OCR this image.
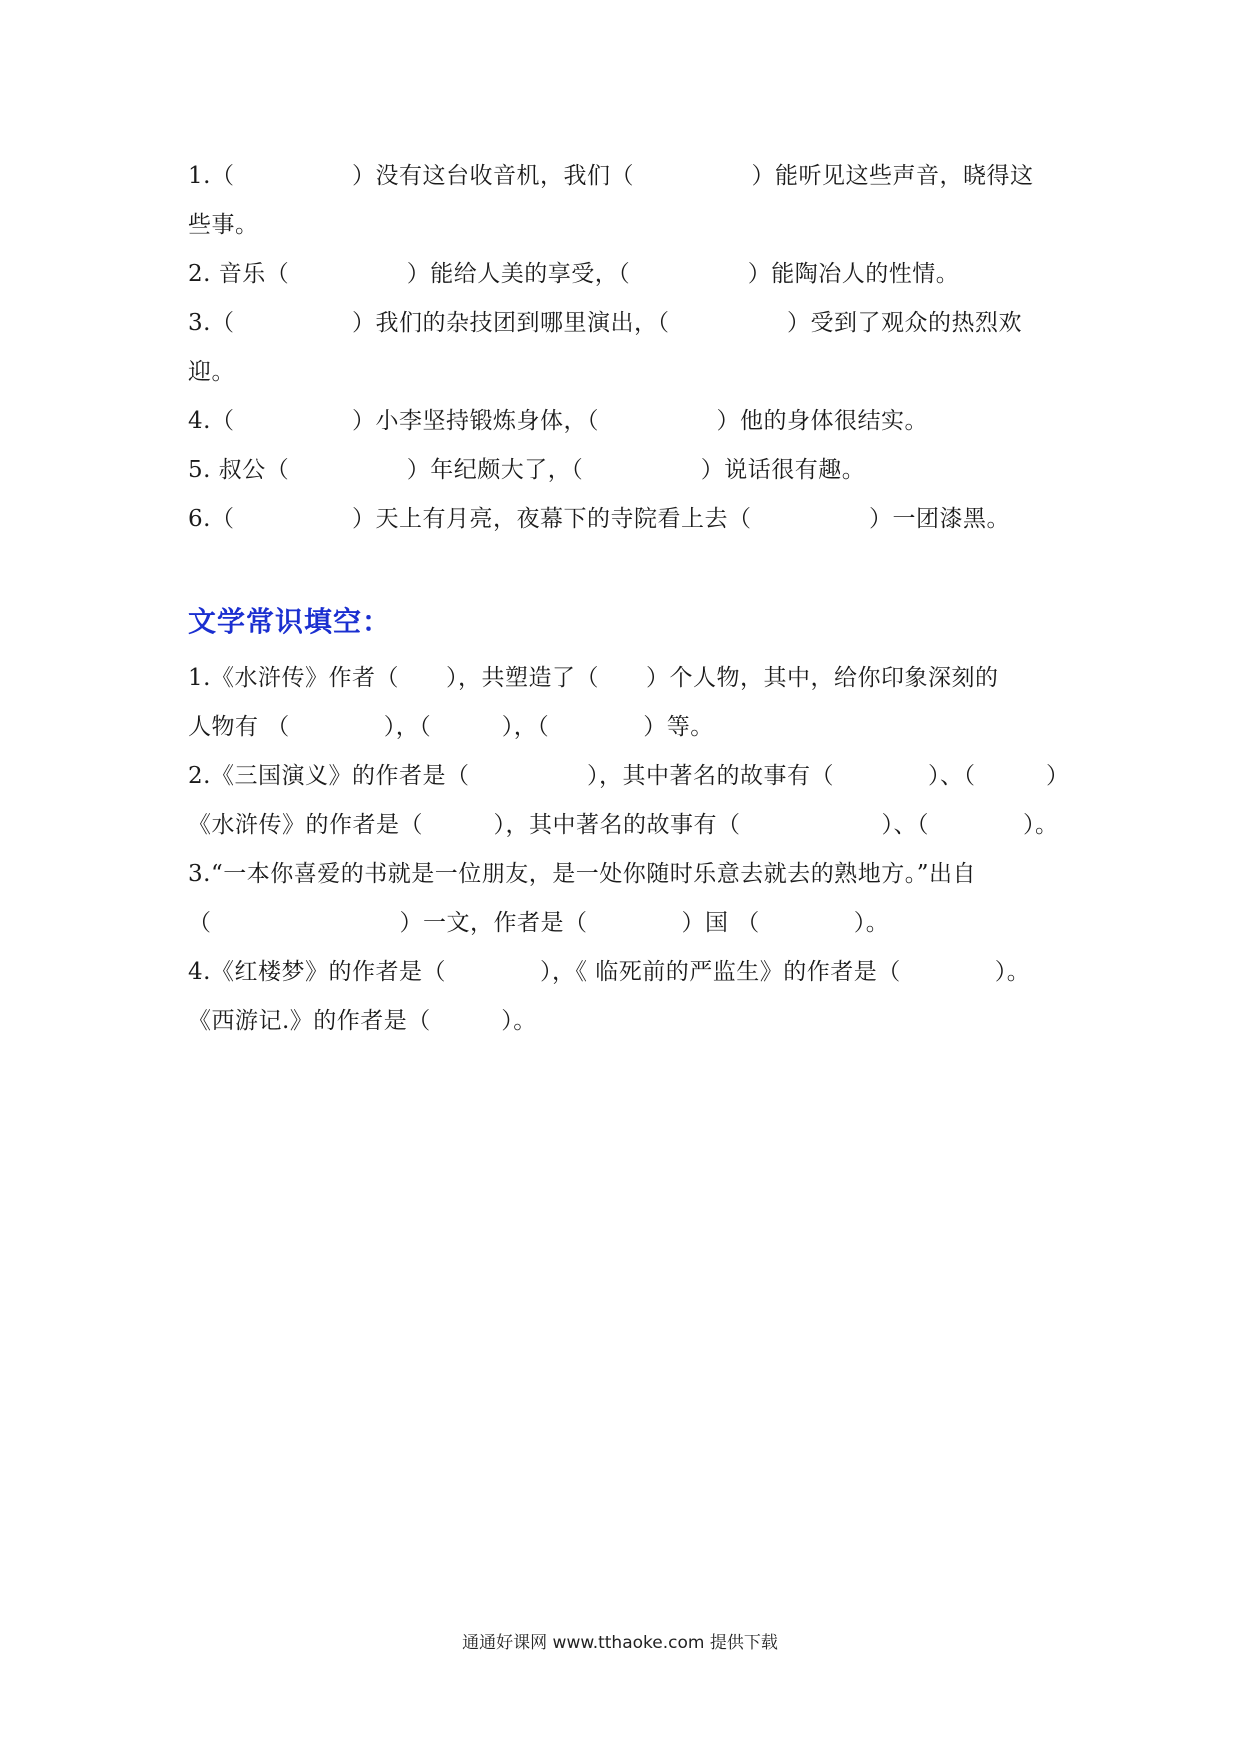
1.（　　　　　）没有这台收音机，我们（　　　　　）能听见这些声音，晓得这
些事。
2. 音乐（　　　　　）能给人美的享受，（　　　　　）能陶冶人的性情。
3.（　　　　　）我们的杂技团到哪里演出，（　　　　　）受到了观众的热烈欢
迎。
4.（　　　　　）小李坚持锻炼身体，（　　　　　）他的身体很结实。
5. 叔公（　　　　　）年纪颇大了，（　　　　　）说话很有趣。
6.（　　　　　）天上有月亮，夜幕下的寺院看上去（　　　　　）一团漆黑。
文学常识填空：
1.《水浒传》作者（　　），共塑造了（　　）个人物，其中，给你印象深刻的
人物有 （　　　　），（　　　），（　　　　）等。
2.《三国演义》的作者是（　　　　　），其中著名的故事有（　　　　）、（　　　）
《水浒传》的作者是（　　　），其中著名的故事有（　　　　　　）、（　　　　）。
3.“一本你喜爱的书就是一位朋友，是一处你随时乐意去就去的熟地方。”出自
（　　　　　　　　）一文，作者是（　　　　）国 （　　　　）。
4.《红楼梦》的作者是（　　　　），《 临死前的严监生》的作者是（　　　　）。
《西游记.》的作者是（　　　）。
通通好课网 www.tthaoke.com 提供下载
